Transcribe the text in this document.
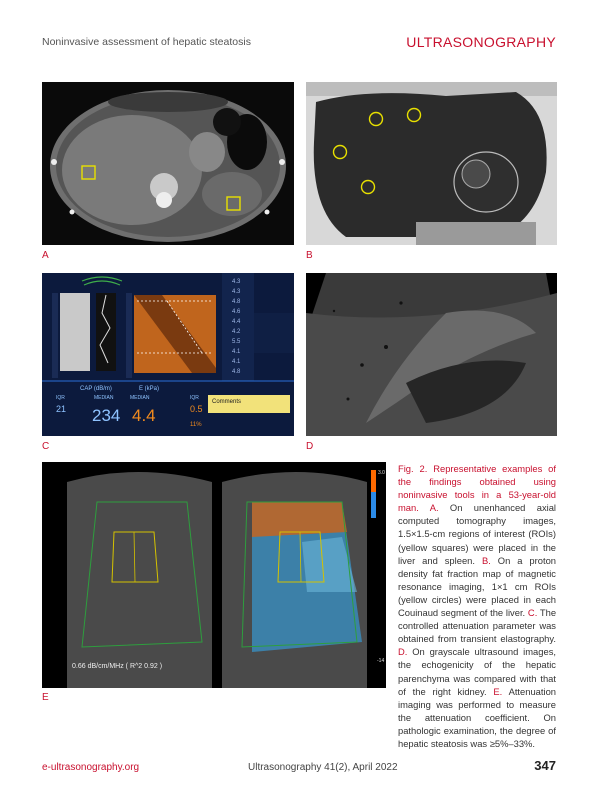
Noninvasive assessment of hepatic steatosis	ULTRASONOGRAPHY
A	B
CAP (dB/m)	E (kPa)
IQR	MEDIAN	MEDIAN	IQR
21 234 4.4	0.5
11%
Comments
4.3
4.3
4.8
4.6
4.4
4.2
5.5
4.1
4.1
4.8
C	D
3.0
-14
0.66 dB/cm/MHz ( R^2 0.92 )
E
Fig. 2. Representative examples of the findings obtained using noninvasive tools in a 53-year-old man. A. On unenhanced axial computed tomography images, 1.5×1.5-cm regions of interest (ROIs) (yellow squares) were placed in the liver and spleen. B. On a proton density fat fraction map of magnetic resonance imaging, 1×1 cm ROIs (yellow circles) were placed in each Couinaud segment of the liver. C. The controlled attenuation parameter was obtained from transient elastography. D. On grayscale ultrasound images, the echogenicity of the hepatic parenchyma was compared with that of the right kidney. E. Attenuation imaging was performed to measure the attenuation coefficient. On pathologic examination, the degree of hepatic steatosis was ≥5%–33%.
e-ultrasonography.org	Ultrasonography 41(2), April 2022	347
